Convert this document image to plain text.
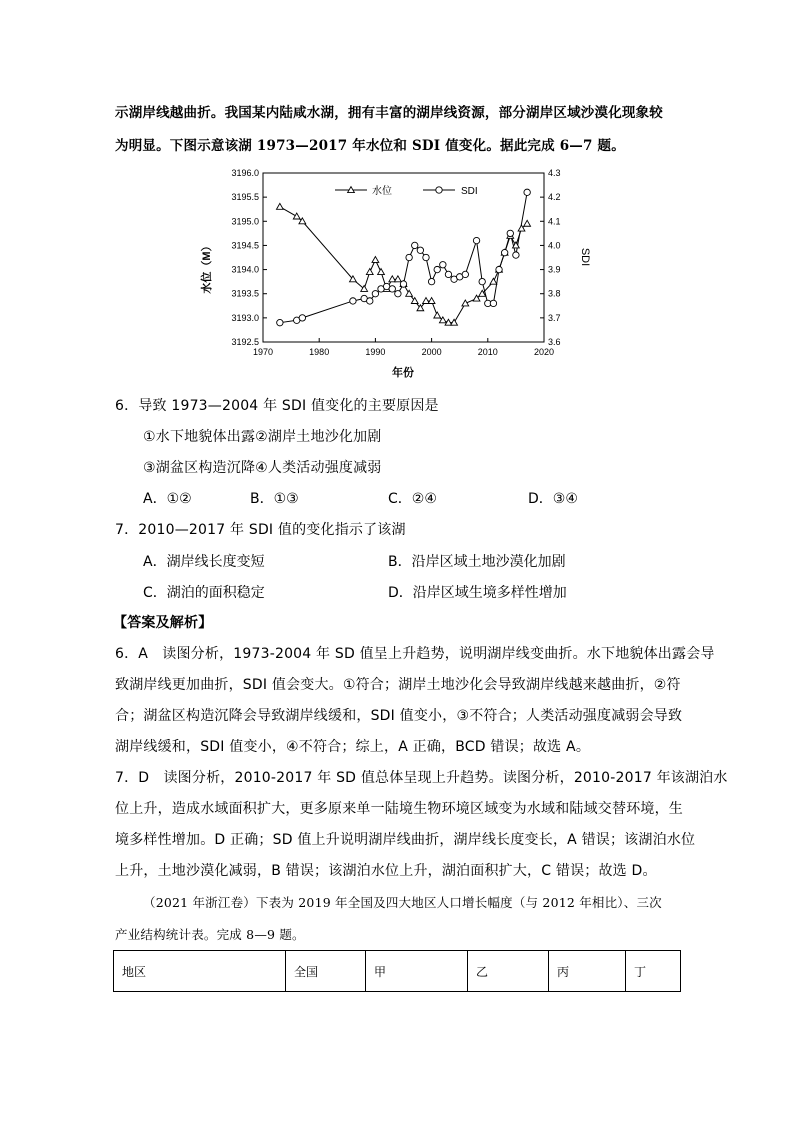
示湖岸线越曲折。我国某内陆咸水湖，拥有丰富的湖岸线资源，部分湖岸区域沙漠化现象较
为明显。下图示意该湖 1973—2017 年水位和 SDI 值变化。据此完成 6—7 题。
1970	1980	1990	2000	2010	2020
3192.5
3193.0
3193.5
3194.0
3194.5
3195.0
3195.5
3196.0
3.6
3.7
3.8
3.9
4.0
4.1
4.2
4.3
水位（M）	SDI
年份
水位	SDI
6．导致 1973—2004 年 SDI 值变化的主要原因是
①水下地貌体出露②湖岸土地沙化加剧
③湖盆区构造沉降④人类活动强度减弱
A．①②	B．①③	C．②④	D．③④
7．2010—2017 年 SDI 值的变化指示了该湖
A．湖岸线长度变短	B．沿岸区域土地沙漠化加剧
C．湖泊的面积稳定	D．沿岸区域生境多样性增加
【答案及解析】
6．A　读图分析，1973-2004 年 SD 值呈上升趋势，说明湖岸线变曲折。水下地貌体出露会导
致湖岸线更加曲折，SDI 值会变大。①符合；湖岸土地沙化会导致湖岸线越来越曲折，②符
合；湖盆区构造沉降会导致湖岸线缓和，SDI 值变小，③不符合；人类活动强度减弱会导致
湖岸线缓和，SDI 值变小，④不符合；综上，A 正确，BCD 错误；故选 A。
7．D　读图分析，2010-2017 年 SD 值总体呈现上升趋势。读图分析，2010-2017 年该湖泊水
位上升，造成水域面积扩大，更多原来单一陆境生物环境区域变为水域和陆域交替环境，生
境多样性增加。D 正确；SD 值上升说明湖岸线曲折，湖岸线长度变长，A 错误；该湖泊水位
上升，土地沙漠化减弱，B 错误；该湖泊水位上升，湖泊面积扩大，C 错误；故选 D。
（2021 年浙江卷）下表为 2019 年全国及四大地区人口增长幅度（与 2012 年相比）、三次
产业结构统计表。完成 8—9 题。
地区	全国	甲	乙	丙	丁
